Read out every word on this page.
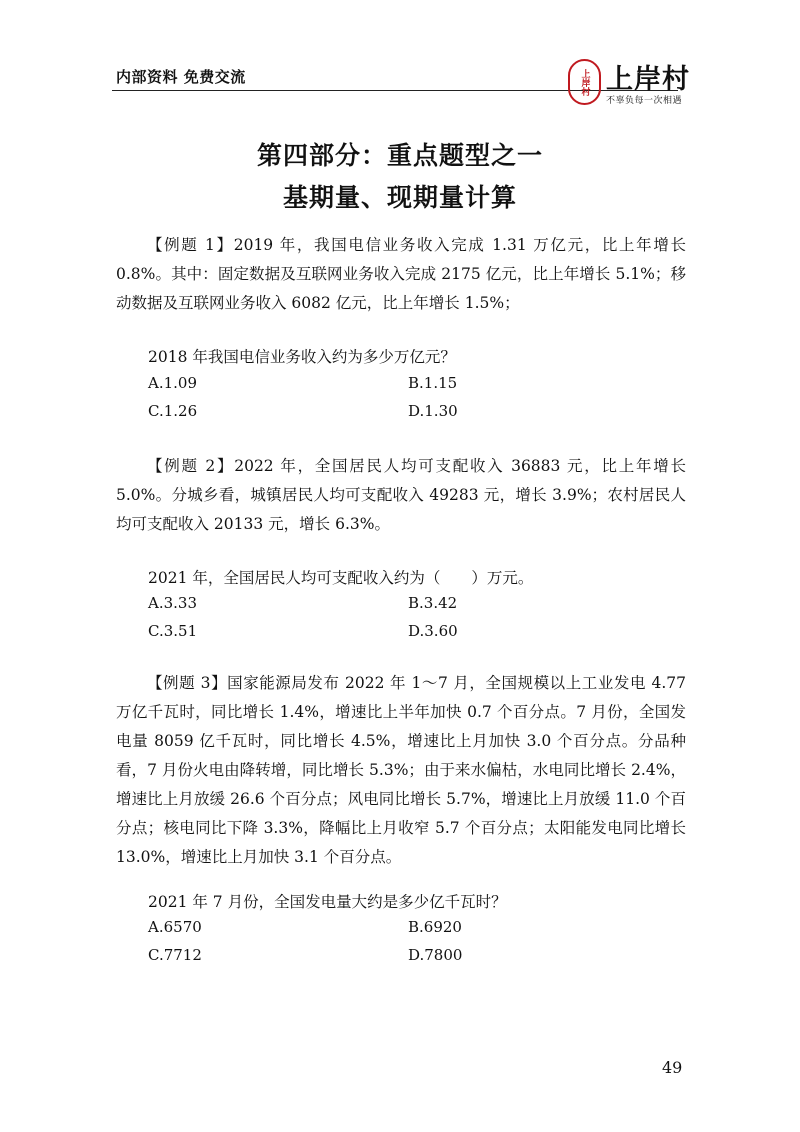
内部资料 免费交流	上岸村 上岸村
不辜负每一次相遇
第四部分：重点题型之一
基期量、现期量计算

【例题 1】2019 年，我国电信业务收入完成 1.31 万亿元，比上年增长 0.8%。其中：固定数据及互联网业务收入完成 2175 亿元，比上年增长 5.1%；移动数据及互联网业务收入 6082 亿元，比上年增长 1.5%；

2018 年我国电信业务收入约为多少万亿元？
A.1.09	B.1.15
C.1.26	D.1.30

【例题 2】2022 年，全国居民人均可支配收入 36883 元，比上年增长 5.0%。分城乡看，城镇居民人均可支配收入 49283 元，增长 3.9%；农村居民人均可支配收入 20133 元，增长 6.3%。

2021 年，全国居民人均可支配收入约为（　　）万元。
A.3.33	B.3.42
C.3.51	D.3.60

【例题 3】国家能源局发布 2022 年 1～7 月，全国规模以上工业发电 4.77 万亿千瓦时，同比增长 1.4%，增速比上半年加快 0.7 个百分点。7 月份，全国发电量 8059 亿千瓦时，同比增长 4.5%，增速比上月加快 3.0 个百分点。分品种看，7 月份火电由降转增，同比增长 5.3%；由于来水偏枯，水电同比增长 2.4%，增速比上月放缓 26.6 个百分点；风电同比增长 5.7%，增速比上月放缓 11.0 个百分点；核电同比下降 3.3%，降幅比上月收窄 5.7 个百分点；太阳能发电同比增长 13.0%，增速比上月加快 3.1 个百分点。

2021 年 7 月份，全国发电量大约是多少亿千瓦时？
A.6570	B.6920
C.7712	D.7800
49
